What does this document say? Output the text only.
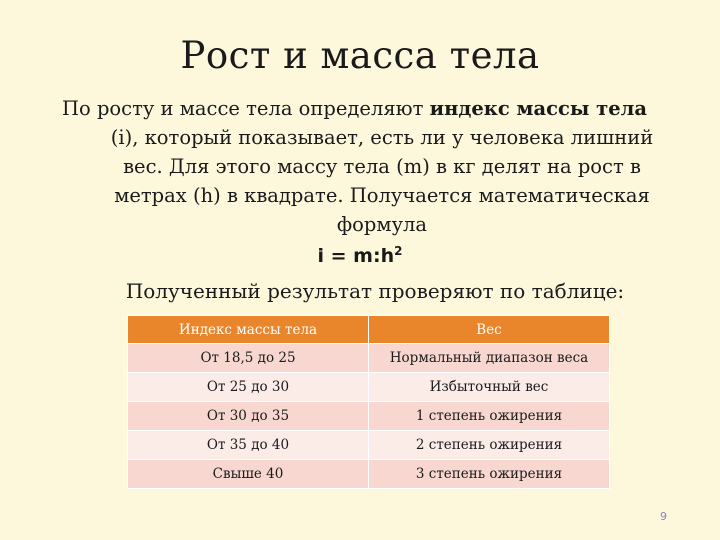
Рост и масса тела

По росту и массе тела определяют индекс массы тела
(i), который показывает, есть ли у человека лишний
вес. Для этого массу тела (m) в кг делят на рост в
метрах (h) в квадрате. Получается математическая
формула

$i = m:h^2$

Полученный результат проверяют по таблице:

Индекс массы тела	Вес
От 18,5 до 25	Нормальный диапазон веса
От 25 до 30	Избыточный вес
От 30 до 35	1 степень ожирения
От 35 до 40	2 степень ожирения
Свыше 40	3 степень ожирения
9
